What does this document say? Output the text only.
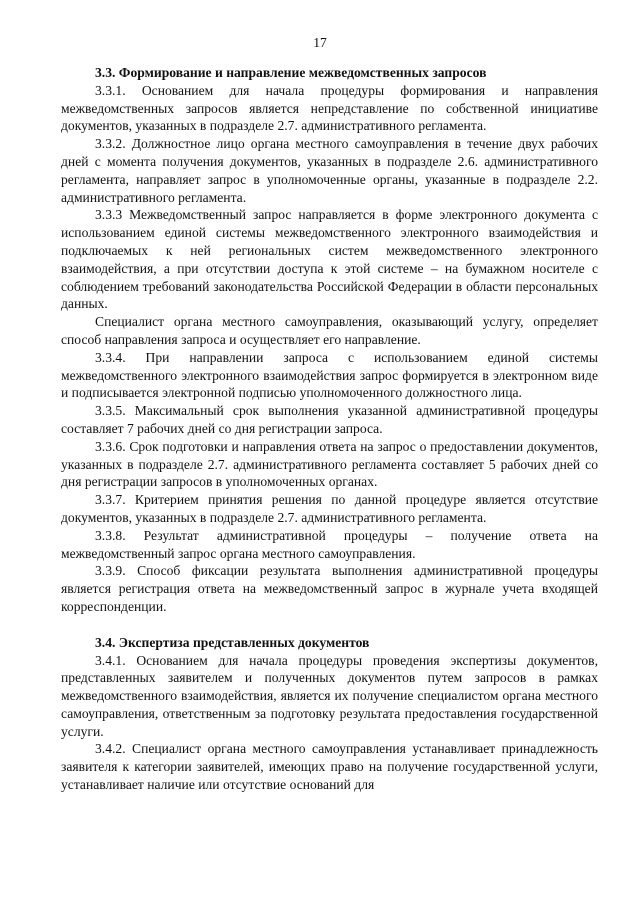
17

3.3. Формирование и направление межведомственных запросов

3.3.1. Основанием для начала процедуры формирования и направления межведомственных запросов является непредставление по собственной инициативе документов, указанных в подразделе 2.7. административного регламента.

3.3.2. Должностное лицо органа местного самоуправления в течение двух рабочих дней с момента получения документов, указанных в подразделе 2.6. административного регламента, направляет запрос в уполномоченные органы, указанные в подразделе 2.2. административного регламента.

3.3.3 Межведомственный запрос направляется в форме электронного документа с использованием единой системы межведомственного электронного взаимодействия и подключаемых к ней региональных систем межведомственного электронного взаимодействия, а при отсутствии доступа к этой системе – на бумажном носителе с соблюдением требований законодательства Российской Федерации в области персональных данных.

Специалист органа местного самоуправления, оказывающий услугу, определяет способ направления запроса и осуществляет его направление.

3.3.4. При направлении запроса с использованием единой системы межведомственного электронного взаимодействия запрос формируется в электронном виде и подписывается электронной подписью уполномоченного должностного лица.

3.3.5. Максимальный срок выполнения указанной административной процедуры составляет 7 рабочих дней со дня регистрации запроса.

3.3.6. Срок подготовки и направления ответа на запрос о предоставлении документов, указанных в подразделе 2.7. административного регламента составляет 5 рабочих дней со дня регистрации запросов в уполномоченных органах.

3.3.7. Критерием принятия решения по данной процедуре является отсутствие документов, указанных в подразделе 2.7. административного регламента.

3.3.8. Результат административной процедуры – получение ответа на межведомственный запрос органа местного самоуправления.

3.3.9. Способ фиксации результата выполнения административной процедуры является регистрация ответа на межведомственный запрос в журнале учета входящей корреспонденции.

3.4. Экспертиза представленных документов

3.4.1. Основанием для начала процедуры проведения экспертизы документов, представленных заявителем и полученных документов путем запросов в рамках межведомственного взаимодействия, является их получение специалистом органа местного самоуправления, ответственным за подготовку результата предоставления государственной услуги.

3.4.2. Специалист органа местного самоуправления устанавливает принадлежность заявителя к категории заявителей, имеющих право на получение государственной услуги, устанавливает наличие или отсутствие оснований для
